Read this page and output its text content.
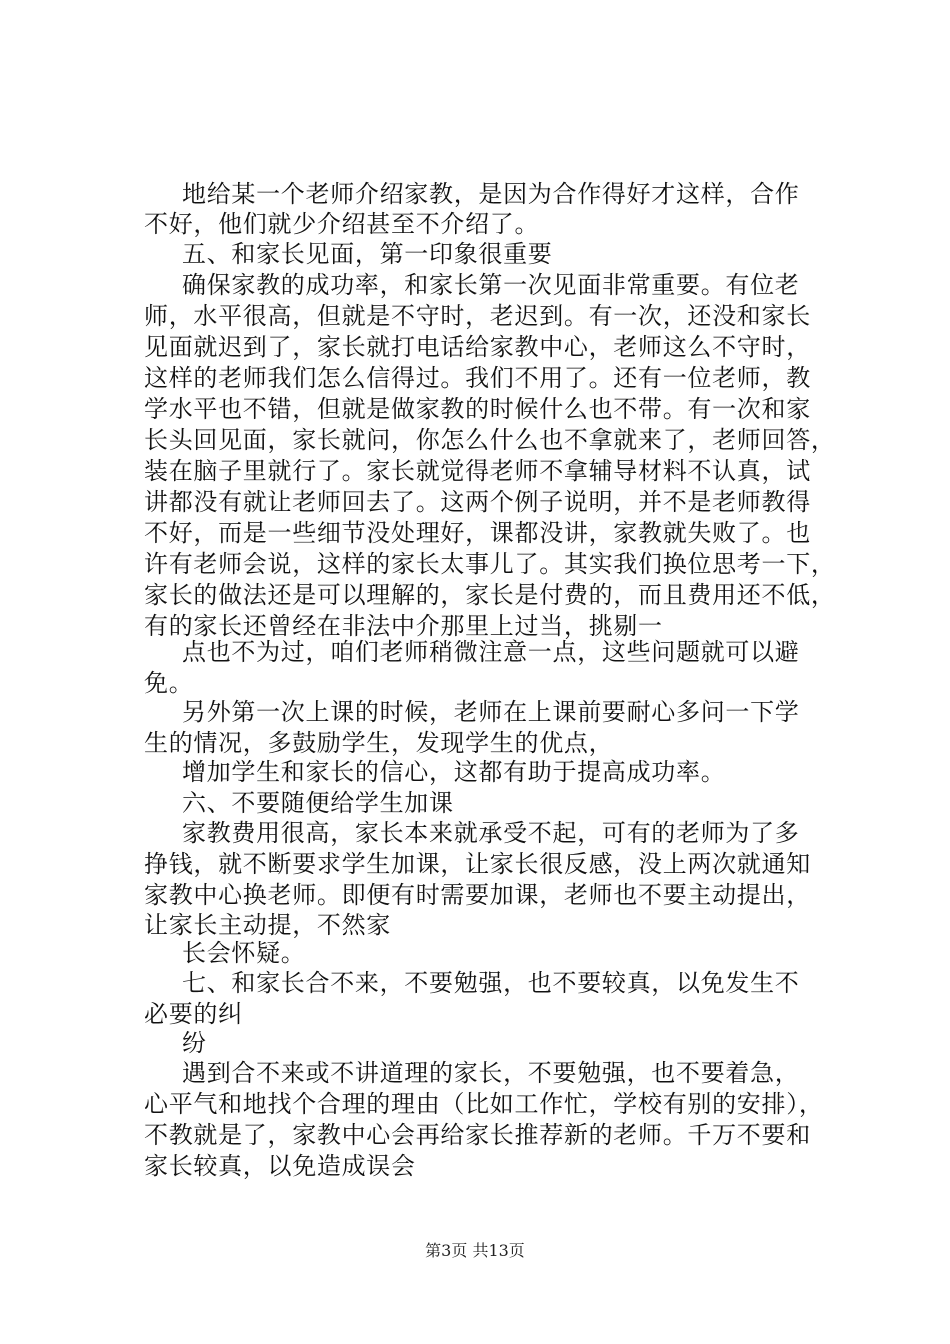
地给某一个老师介绍家教，是因为合作得好才这样，合作
不好，他们就少介绍甚至不介绍了。
五、和家长见面，第一印象很重要
确保家教的成功率，和家长第一次见面非常重要。有位老
师，水平很高，但就是不守时，老迟到。有一次，还没和家长
见面就迟到了，家长就打电话给家教中心，老师这么不守时，
这样的老师我们怎么信得过。我们不用了。还有一位老师，教
学水平也不错，但就是做家教的时候什么也不带。有一次和家
长头回见面，家长就问，你怎么什么也不拿就来了，老师回答，
装在脑子里就行了。家长就觉得老师不拿辅导材料不认真，试
讲都没有就让老师回去了。这两个例子说明，并不是老师教得
不好，而是一些细节没处理好，课都没讲，家教就失败了。也
许有老师会说，这样的家长太事儿了。其实我们换位思考一下，
家长的做法还是可以理解的，家长是付费的，而且费用还不低，
有的家长还曾经在非法中介那里上过当，挑剔一
点也不为过，咱们老师稍微注意一点，这些问题就可以避
免。
另外第一次上课的时候，老师在上课前要耐心多问一下学
生的情况，多鼓励学生，发现学生的优点，
增加学生和家长的信心，这都有助于提高成功率。
六、不要随便给学生加课
家教费用很高，家长本来就承受不起，可有的老师为了多
挣钱，就不断要求学生加课，让家长很反感，没上两次就通知
家教中心换老师。即便有时需要加课，老师也不要主动提出，
让家长主动提，不然家
长会怀疑。
七、和家长合不来，不要勉强，也不要较真，以免发生不
必要的纠
纷
遇到合不来或不讲道理的家长，不要勉强，也不要着急，
心平气和地找个合理的理由（比如工作忙，学校有别的安排），
不教就是了，家教中心会再给家长推荐新的老师。千万不要和
家长较真，以免造成误会
第3页 共13页
